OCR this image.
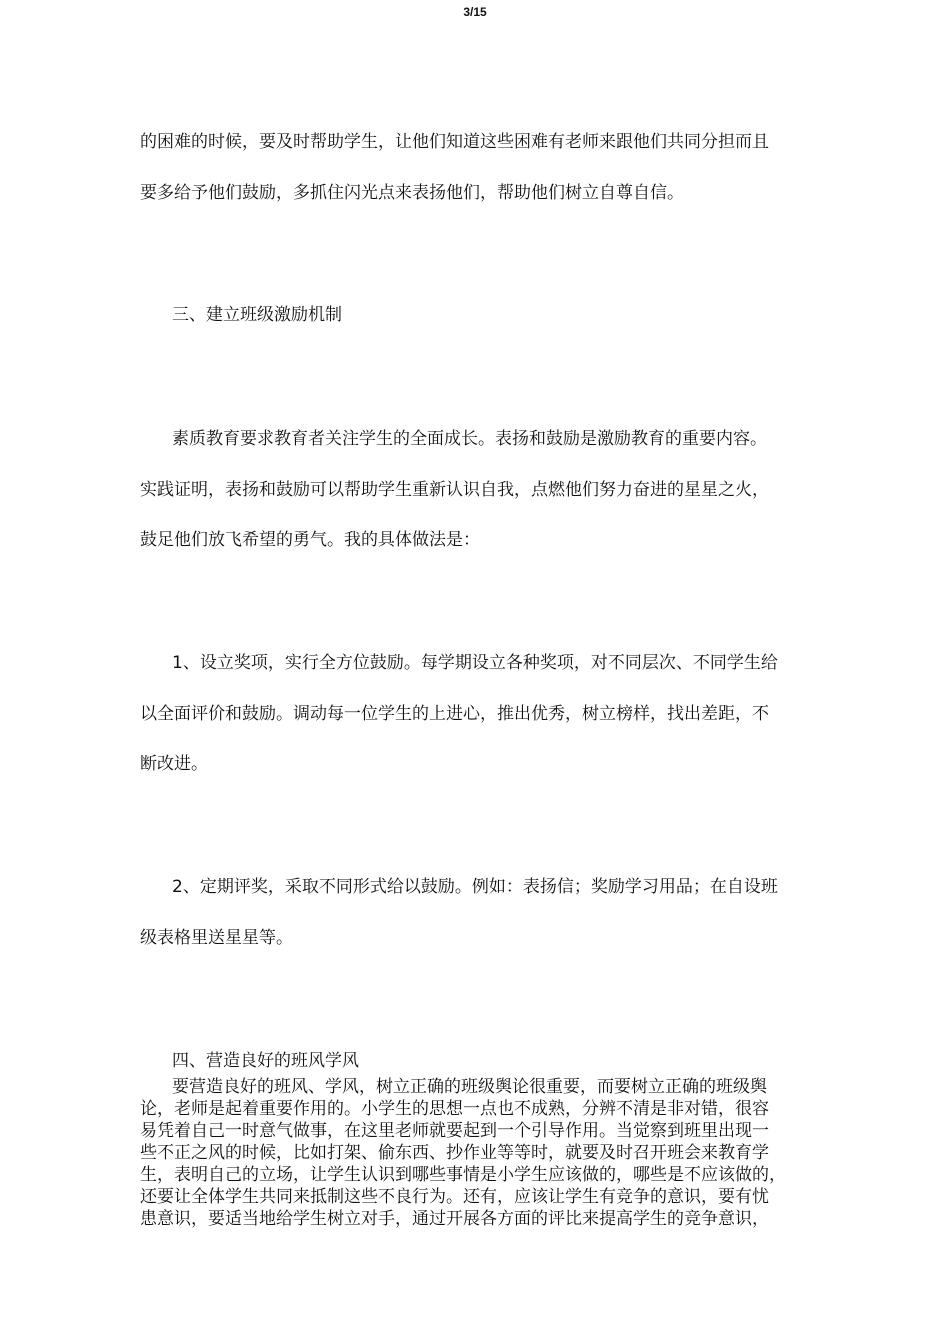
3/15
的困难的时候，要及时帮助学生，让他们知道这些困难有老师来跟他们共同分担而且
要多给予他们鼓励，多抓住闪光点来表扬他们，帮助他们树立自尊自信。
三、建立班级激励机制
素质教育要求教育者关注学生的全面成长。表扬和鼓励是激励教育的重要内容。
实践证明，表扬和鼓励可以帮助学生重新认识自我，点燃他们努力奋进的星星之火，
鼓足他们放飞希望的勇气。我的具体做法是：
1、设立奖项，实行全方位鼓励。每学期设立各种奖项，对不同层次、不同学生给
以全面评价和鼓励。调动每一位学生的上进心，推出优秀，树立榜样，找出差距，不
断改进。
2、定期评奖，采取不同形式给以鼓励。例如：表扬信；奖励学习用品；在自设班
级表格里送星星等。
四、营造良好的班风学风
要营造良好的班风、学风，树立正确的班级舆论很重要，而要树立正确的班级舆
论，老师是起着重要作用的。小学生的思想一点也不成熟，分辨不清是非对错，很容
易凭着自己一时意气做事，在这里老师就要起到一个引导作用。当觉察到班里出现一
些不正之风的时候，比如打架、偷东西、抄作业等等时，就要及时召开班会来教育学
生，表明自己的立场，让学生认识到哪些事情是小学生应该做的，哪些是不应该做的，
还要让全体学生共同来抵制这些不良行为。还有，应该让学生有竞争的意识，要有忧
患意识，要适当地给学生树立对手，通过开展各方面的评比来提高学生的竞争意识，
